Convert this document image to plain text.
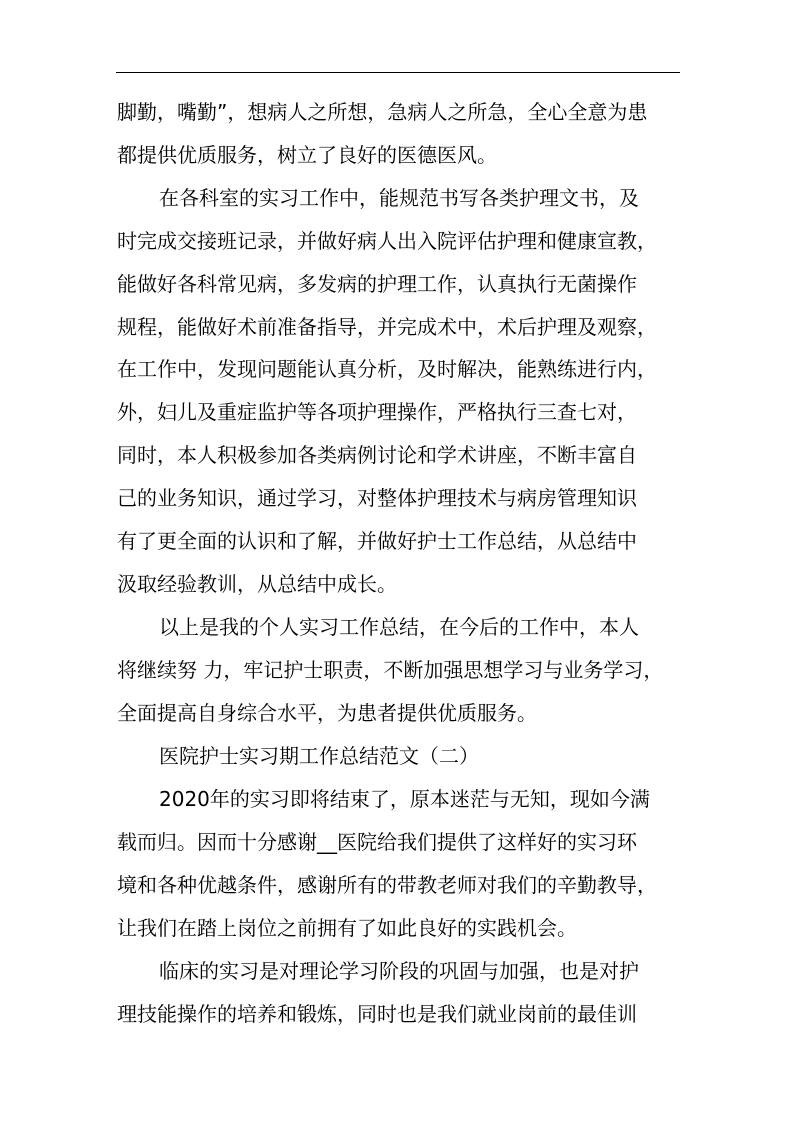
脚勤，嘴勤”，想病人之所想，急病人之所急，全心全意为患
都提供优质服务，树立了良好的医德医风。
在各科室的实习工作中，能规范书写各类护理文书，及
时完成交接班记录，并做好病人出入院评估护理和健康宣教，
能做好各科常见病，多发病的护理工作，认真执行无菌操作
规程，能做好术前准备指导，并完成术中，术后护理及观察，
在工作中，发现问题能认真分析，及时解决，能熟练进行内，
外，妇儿及重症监护等各项护理操作，严格执行三查七对，
同时，本人积极参加各类病例讨论和学术讲座，不断丰富自
己的业务知识，通过学习，对整体护理技术与病房管理知识
有了更全面的认识和了解，并做好护士工作总结，从总结中
汲取经验教训，从总结中成长。
以上是我的个人实习工作总结，在今后的工作中，本人
将继续努 力，牢记护士职责，不断加强思想学习与业务学习，
全面提高自身综合水平，为患者提供优质服务。
医院护士实习期工作总结范文（二）
2020年的实习即将结束了，原本迷茫与无知，现如今满
载而归。因而十分感谢__医院给我们提供了这样好的实习环
境和各种优越条件，感谢所有的带教老师对我们的辛勤教导，
让我们在踏上岗位之前拥有了如此良好的实践机会。
临床的实习是对理论学习阶段的巩固与加强，也是对护
理技能操作的培养和锻炼，同时也是我们就业岗前的最佳训
